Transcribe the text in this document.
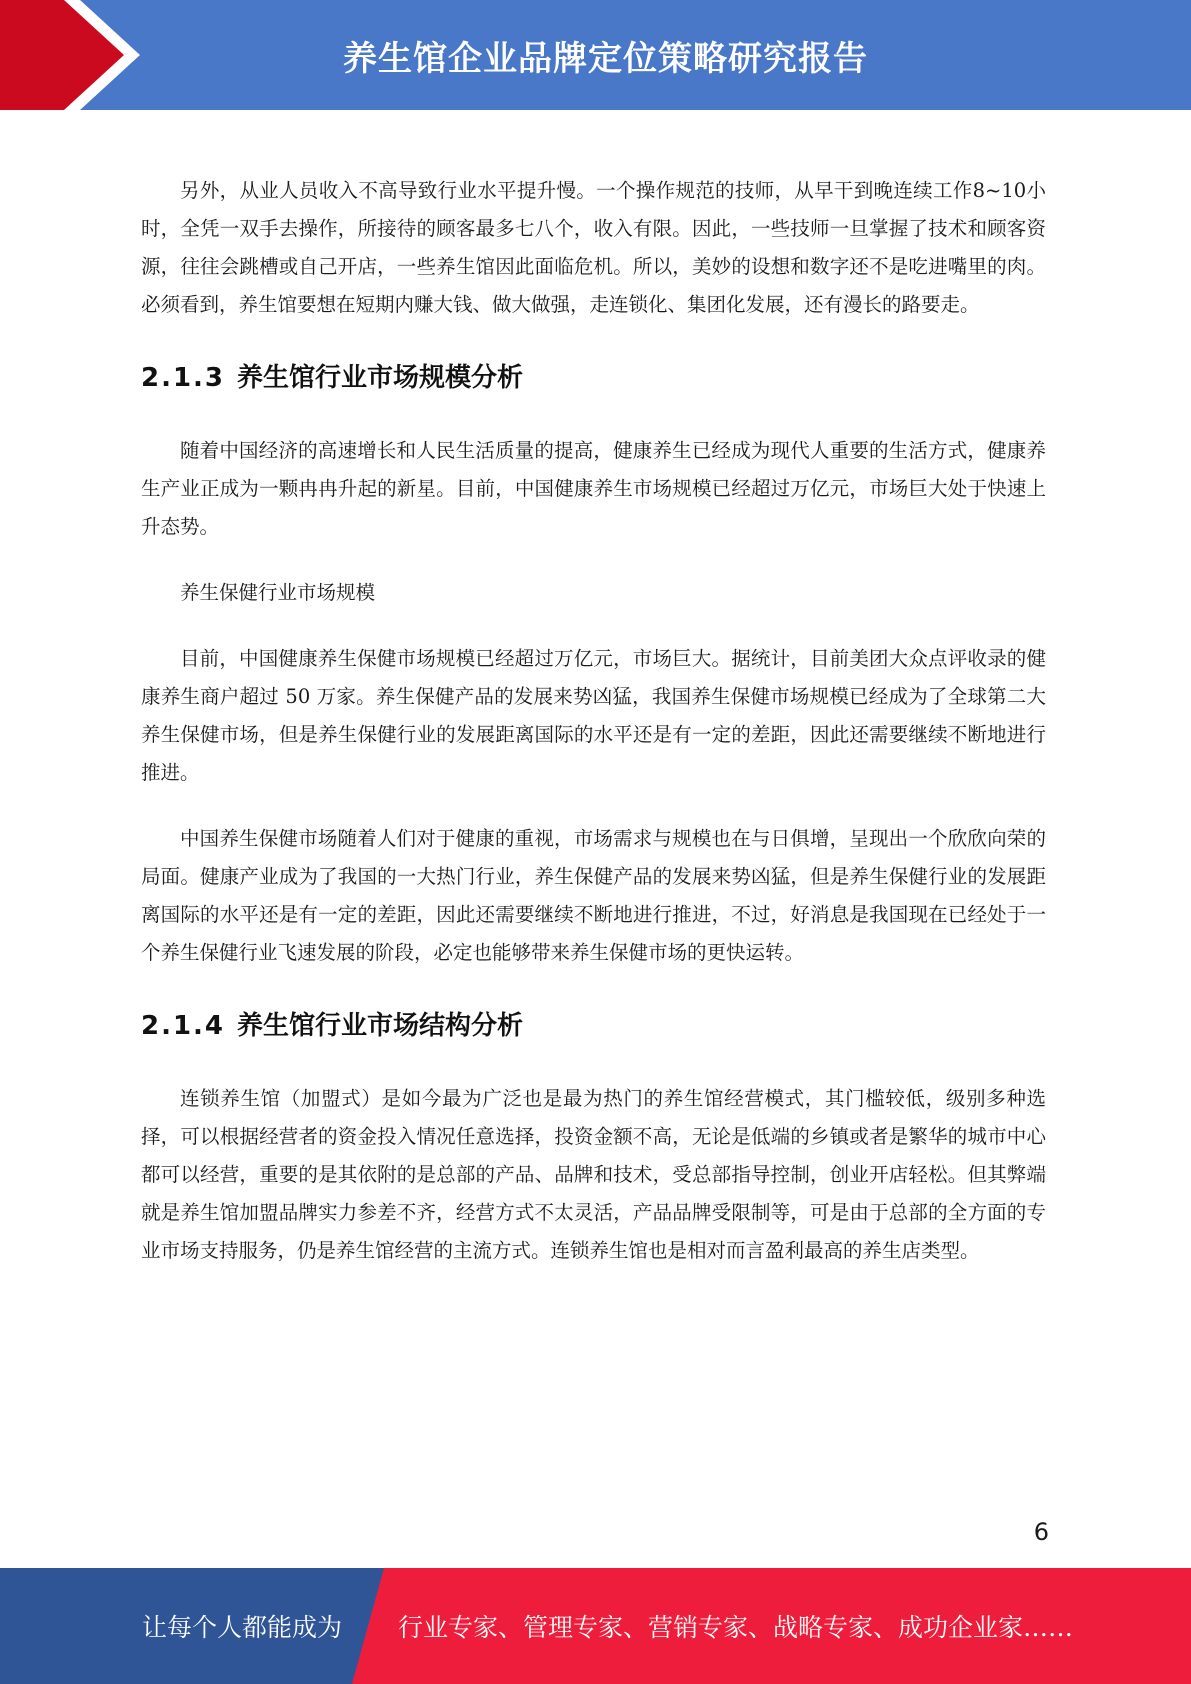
养生馆企业品牌定位策略研究报告

另外，从业人员收入不高导致行业水平提升慢。一个操作规范的技师，从早干到晚连续工作8~10小时，全凭一双手去操作，所接待的顾客最多七八个，收入有限。因此，一些技师一旦掌握了技术和顾客资源，往往会跳槽或自己开店，一些养生馆因此面临危机。所以，美妙的设想和数字还不是吃进嘴里的肉。必须看到，养生馆要想在短期内赚大钱、做大做强，走连锁化、集团化发展，还有漫长的路要走。

2.1.3 养生馆行业市场规模分析

随着中国经济的高速增长和人民生活质量的提高，健康养生已经成为现代人重要的生活方式，健康养生产业正成为一颗冉冉升起的新星。目前，中国健康养生市场规模已经超过万亿元，市场巨大处于快速上升态势。

养生保健行业市场规模

目前，中国健康养生保健市场规模已经超过万亿元，市场巨大。据统计，目前美团大众点评收录的健康养生商户超过 50 万家。养生保健产品的发展来势凶猛，我国养生保健市场规模已经成为了全球第二大养生保健市场，但是养生保健行业的发展距离国际的水平还是有一定的差距，因此还需要继续不断地进行推进。

中国养生保健市场随着人们对于健康的重视，市场需求与规模也在与日俱增，呈现出一个欣欣向荣的局面。健康产业成为了我国的一大热门行业，养生保健产品的发展来势凶猛，但是养生保健行业的发展距离国际的水平还是有一定的差距，因此还需要继续不断地进行推进，不过，好消息是我国现在已经处于一个养生保健行业飞速发展的阶段，必定也能够带来养生保健市场的更快运转。

2.1.4 养生馆行业市场结构分析

连锁养生馆（加盟式）是如今最为广泛也是最为热门的养生馆经营模式，其门槛较低，级别多种选择，可以根据经营者的资金投入情况任意选择，投资金额不高，无论是低端的乡镇或者是繁华的城市中心都可以经营，重要的是其依附的是总部的产品、品牌和技术，受总部指导控制，创业开店轻松。但其弊端就是养生馆加盟品牌实力参差不齐，经营方式不太灵活，产品品牌受限制等，可是由于总部的全方面的专业市场支持服务，仍是养生馆经营的主流方式。连锁养生馆也是相对而言盈利最高的养生店类型。

6
让每个人都能成为 行业专家、管理专家、营销专家、战略专家、成功企业家……
